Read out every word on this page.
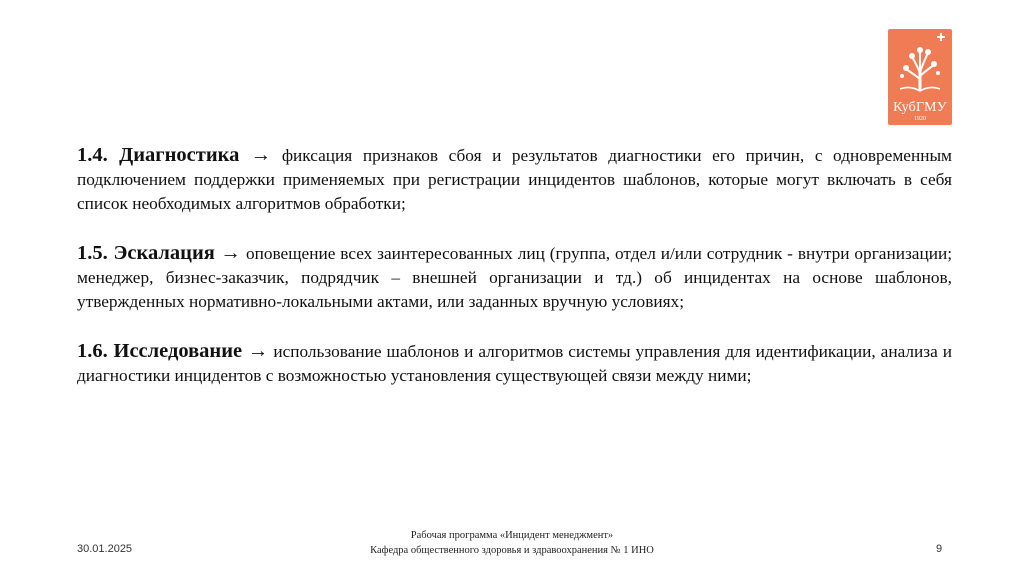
КубГМУ
1920

1.4. Диагностика → фиксация признаков сбоя и результатов диагностики его причин, с одновременным подключением поддержки применяемых при регистрации инцидентов шаблонов, которые могут включать в себя список необходимых алгоритмов обработки;

1.5. Эскалация → оповещение всех заинтересованных лиц (группа, отдел и/или сотрудник - внутри организации; менеджер, бизнес-заказчик, подрядчик – внешней организации и тд.) об инцидентах на основе шаблонов, утвержденных нормативно-локальными актами, или заданных вручную условиях;

1.6. Исследование → использование шаблонов и алгоритмов системы управления для идентификации, анализа и диагностики инцидентов с возможностью установления существующей связи между ними;

30.01.2025
Рабочая программа «Инцидент менеджмент»
Кафедра общественного здоровья и здравоохранения № 1 ИНО	9
